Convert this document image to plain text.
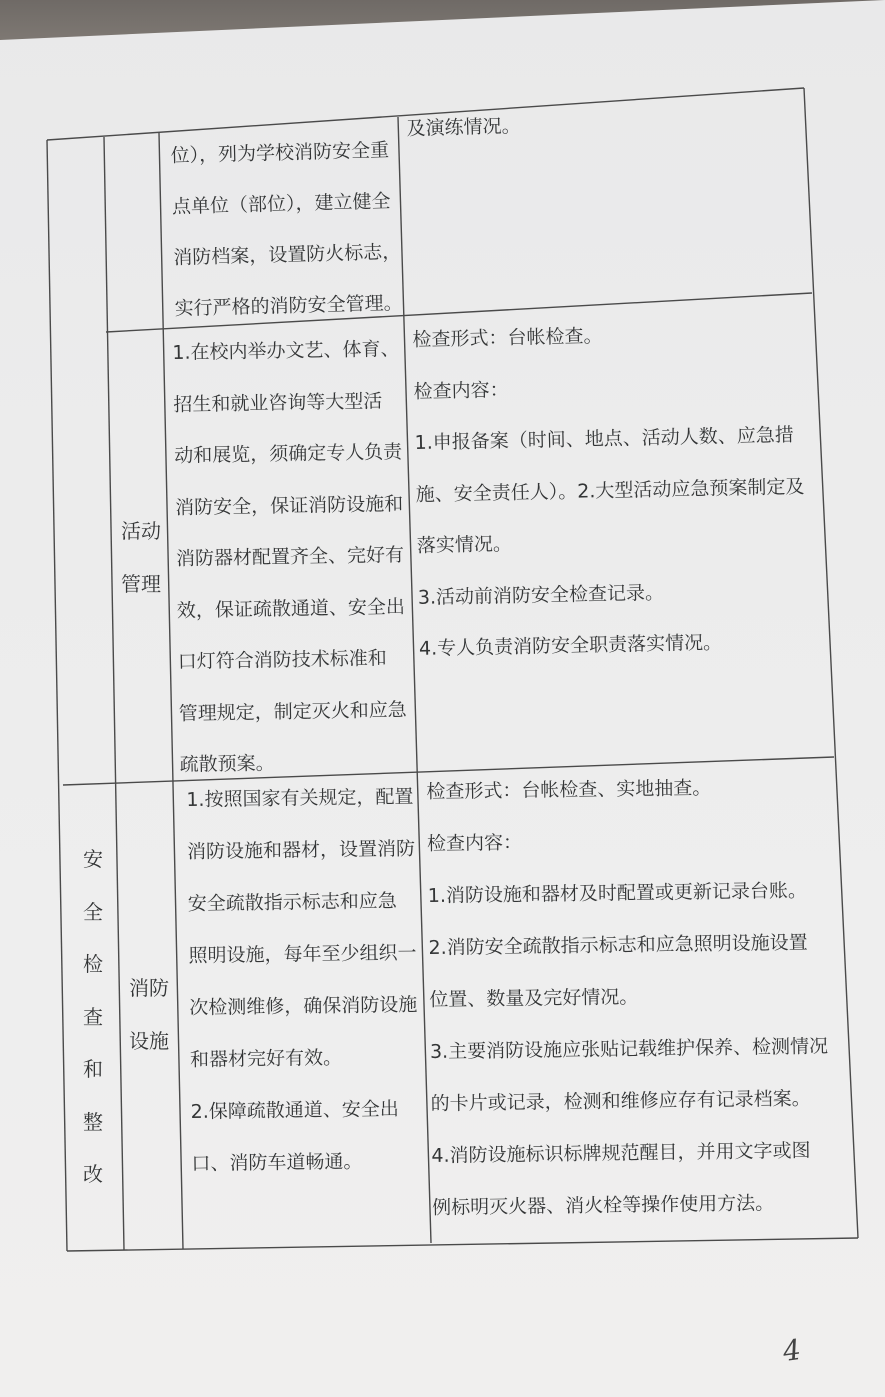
位），列为学校消防安全重
点单位（部位），建立健全
消防档案，设置防火标志，
实行严格的消防安全管理。
及演练情况。
活动
管理
1.在校内举办文艺、体育、
招生和就业咨询等大型活
动和展览，须确定专人负责
消防安全，保证消防设施和
消防器材配置齐全、完好有
效，保证疏散通道、安全出
口灯符合消防技术标准和
管理规定，制定灭火和应急
疏散预案。
检查形式：台帐检查。
检查内容：
1.申报备案（时间、地点、活动人数、应急措
施、安全责任人）。2.大型活动应急预案制定及
落实情况。
3.活动前消防安全检查记录。
4.专人负责消防安全职责落实情况。
安
全
检
查
和
整
改
消防
设施
1.按照国家有关规定，配置
消防设施和器材，设置消防
安全疏散指示标志和应急
照明设施，每年至少组织一
次检测维修，确保消防设施
和器材完好有效。
2.保障疏散通道、安全出
口、消防车道畅通。
检查形式：台帐检查、实地抽查。
检查内容：
1.消防设施和器材及时配置或更新记录台账。
2.消防安全疏散指示标志和应急照明设施设置
位置、数量及完好情况。
3.主要消防设施应张贴记载维护保养、检测情况
的卡片或记录，检测和维修应存有记录档案。
4.消防设施标识标牌规范醒目，并用文字或图
例标明灭火器、消火栓等操作使用方法。
4
